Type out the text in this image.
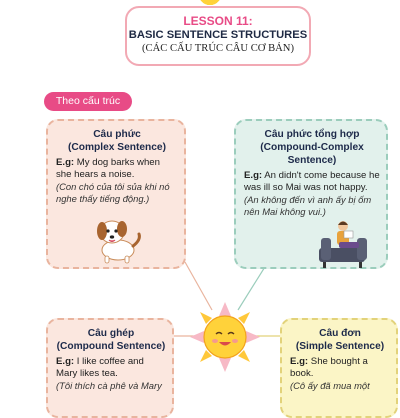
LESSON 11:
BASIC SENTENCE STRUCTURES
(CÁC CẤU TRÚC CÂU CƠ BẢN)
Theo cấu trúc
Câu phức
(Complex Sentence)
E.g: My dog barks when she hears a noise.
(Con chó của tôi sủa khi nó nghe thấy tiếng động.)
Câu phức tổng hợp
(Compound-Complex Sentence)
E.g: An didn't come because he was ill so Mai was not happy.
(An không đến vì anh ấy bị ốm nên Mai không vui.)
Câu ghép
(Compound Sentence)
E.g: I like coffee and Mary likes tea.
(Tôi thích cà phê và Mary
Câu đơn
(Simple Sentence)
E.g: She bought a book.
(Cô ấy đã mua một
